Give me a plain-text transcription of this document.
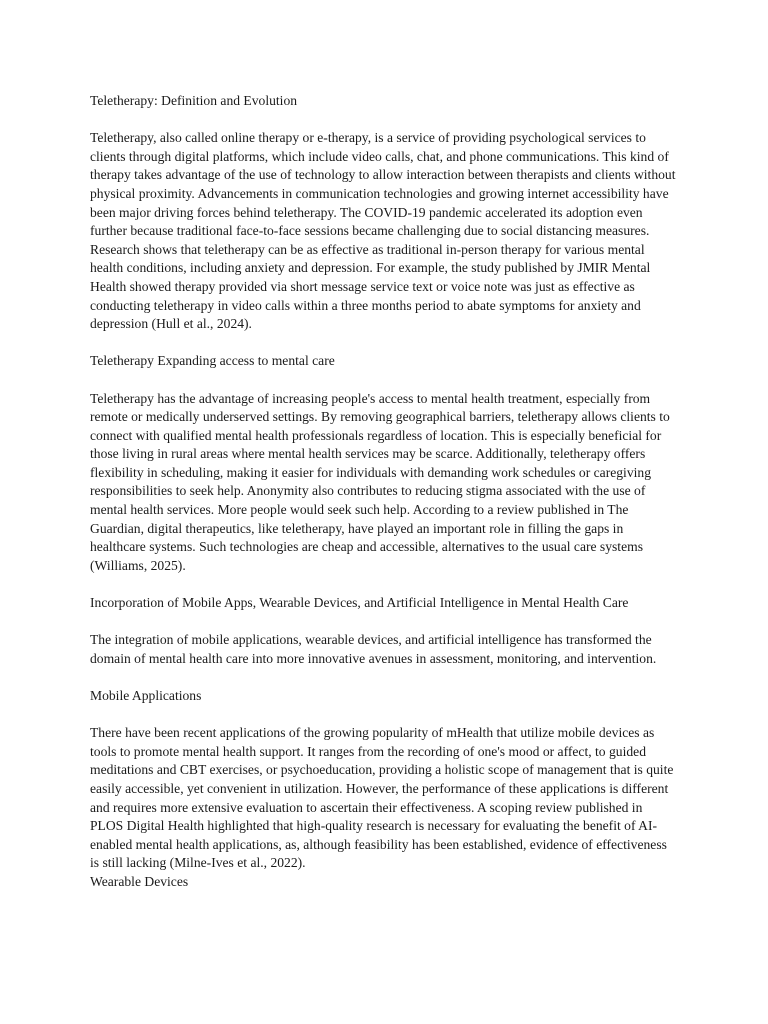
Teletherapy: Definition and Evolution

Teletherapy, also called online therapy or e-therapy, is a service of providing psychological services to clients through digital platforms, which include video calls, chat, and phone communications. This kind of therapy takes advantage of the use of technology to allow interaction between therapists and clients without physical proximity. Advancements in communication technologies and growing internet accessibility have been major driving forces behind teletherapy. The COVID-19 pandemic accelerated its adoption even further because traditional face-to-face sessions became challenging due to social distancing measures. Research shows that teletherapy can be as effective as traditional in-person therapy for various mental health conditions, including anxiety and depression. For example, the study published by JMIR Mental Health showed therapy provided via short message service text or voice note was just as effective as conducting teletherapy in video calls within a three months period to abate symptoms for anxiety and depression (Hull et al., 2024).

Teletherapy Expanding access to mental care

Teletherapy has the advantage of increasing people's access to mental health treatment, especially from remote or medically underserved settings. By removing geographical barriers, teletherapy allows clients to connect with qualified mental health professionals regardless of location. This is especially beneficial for those living in rural areas where mental health services may be scarce. Additionally, teletherapy offers flexibility in scheduling, making it easier for individuals with demanding work schedules or caregiving responsibilities to seek help. Anonymity also contributes to reducing stigma associated with the use of mental health services. More people would seek such help. According to a review published in The Guardian, digital therapeutics, like teletherapy, have played an important role in filling the gaps in healthcare systems. Such technologies are cheap and accessible, alternatives to the usual care systems (Williams, 2025).

Incorporation of Mobile Apps, Wearable Devices, and Artificial Intelligence in Mental Health Care

The integration of mobile applications, wearable devices, and artificial intelligence has transformed the domain of mental health care into more innovative avenues in assessment, monitoring, and intervention.

Mobile Applications

There have been recent applications of the growing popularity of mHealth that utilize mobile devices as tools to promote mental health support. It ranges from the recording of one's mood or affect, to guided meditations and CBT exercises, or psychoeducation, providing a holistic scope of management that is quite easily accessible, yet convenient in utilization. However, the performance of these applications is different and requires more extensive evaluation to ascertain their effectiveness. A scoping review published in PLOS Digital Health highlighted that high-quality research is necessary for evaluating the benefit of AI-enabled mental health applications, as, although feasibility has been established, evidence of effectiveness is still lacking (Milne-Ives et al., 2022).

Wearable Devices
